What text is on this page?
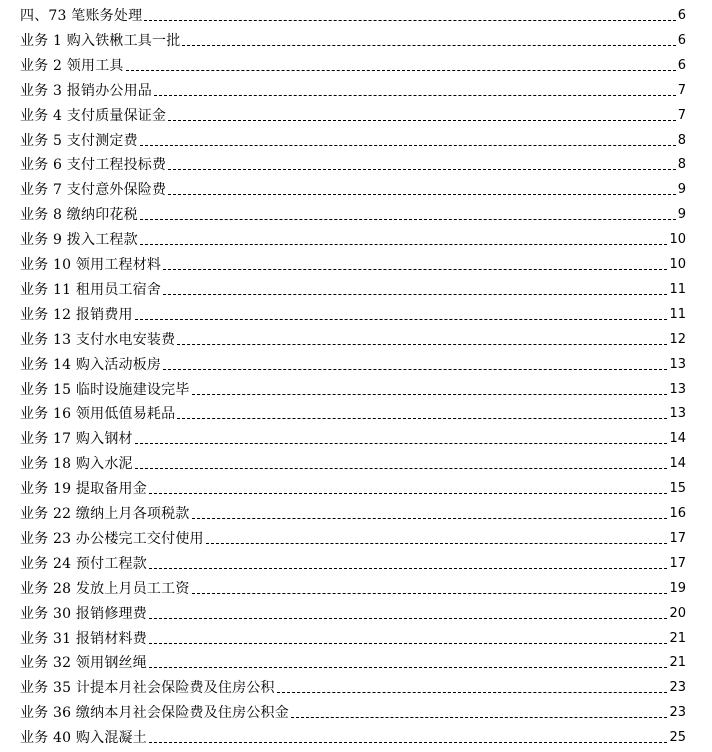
四、73 笔账务处理	6
业务 1 购入铁楸工具一批	6
业务 2 领用工具	6
业务 3 报销办公用品	7
业务 4 支付质量保证金	7
业务 5 支付测定费	8
业务 6 支付工程投标费	8
业务 7 支付意外保险费	9
业务 8 缴纳印花税	9
业务 9 拨入工程款	10
业务 10 领用工程材料	10
业务 11 租用员工宿舍	11
业务 12 报销费用	11
业务 13 支付水电安装费	12
业务 14 购入活动板房	13
业务 15 临时设施建设完毕	13
业务 16 领用低值易耗品	13
业务 17 购入钢材	14
业务 18 购入水泥	14
业务 19 提取备用金	15
业务 22 缴纳上月各项税款	16
业务 23 办公楼完工交付使用	17
业务 24 预付工程款	17
业务 28 发放上月员工工资	19
业务 30 报销修理费	20
业务 31 报销材料费	21
业务 32 领用钢丝绳	21
业务 35 计提本月社会保险费及住房公积	23
业务 36 缴纳本月社会保险费及住房公积金	23
业务 40 购入混凝土	25
